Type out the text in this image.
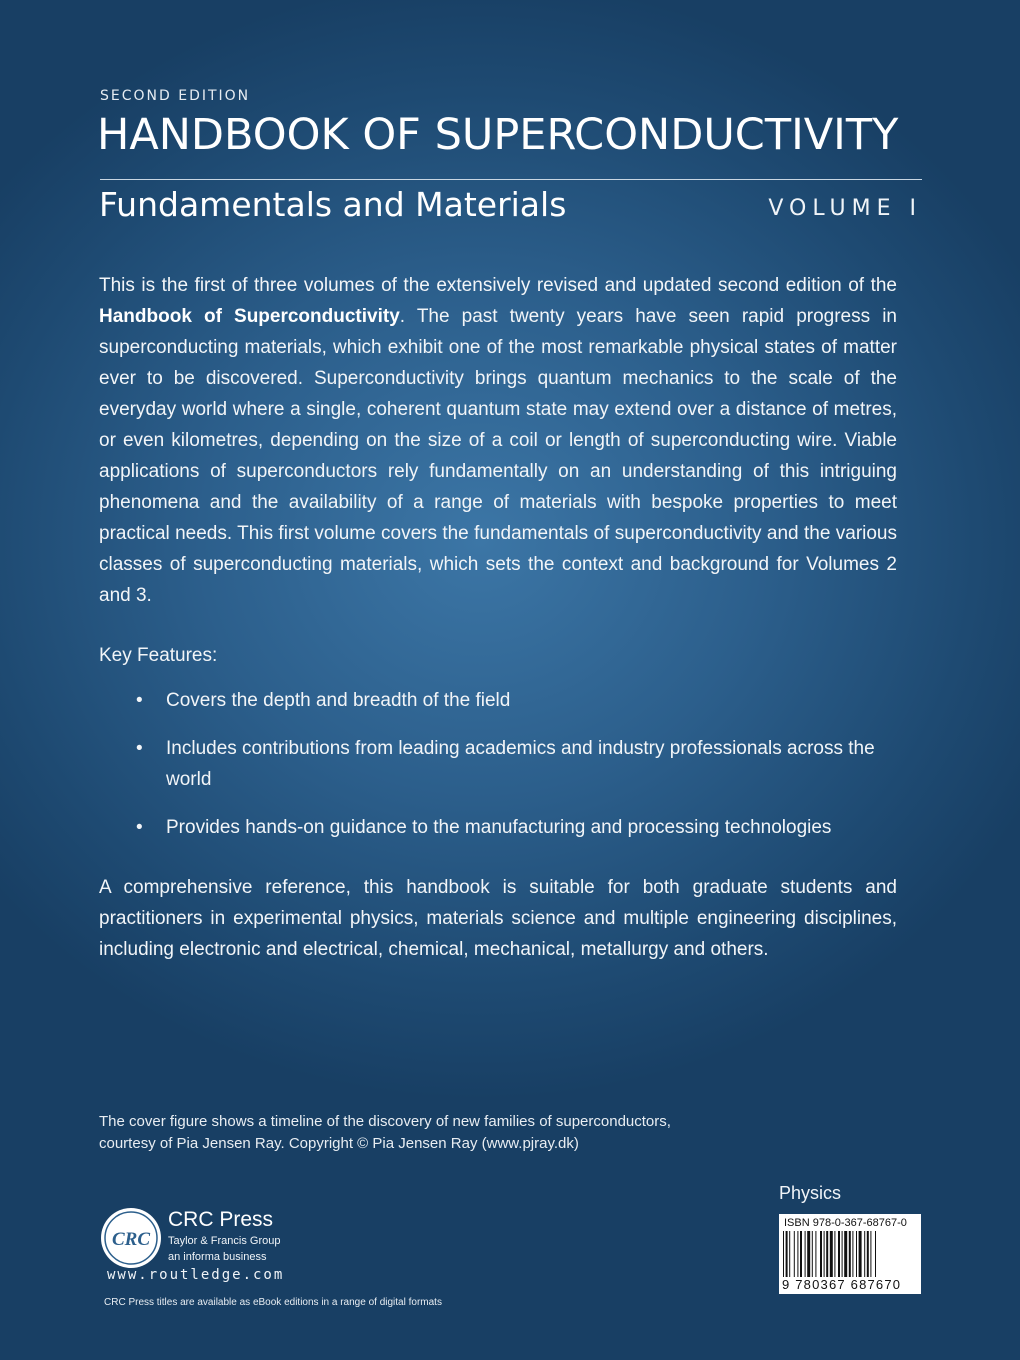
SECOND EDITION
HANDBOOK OF SUPERCONDUCTIVITY
Fundamentals and Materials	VOLUME I
This is the first of three volumes of the extensively revised and updated second edition of the Handbook of Superconductivity. The past twenty years have seen rapid progress in superconducting materials, which exhibit one of the most remarkable physical states of matter ever to be discovered. Superconductivity brings quantum mechanics to the scale of the everyday world where a single, coherent quantum state may extend over a distance of metres, or even kilometres, depending on the size of a coil or length of superconducting wire. Viable applications of superconductors rely fundamentally on an understanding of this intriguing phenomena and the availability of a range of materials with bespoke properties to meet practical needs. This first volume covers the fundamentals of superconductivity and the various classes of superconducting materials, which sets the context and background for Volumes 2 and 3.
Key Features:
• Covers the depth and breadth of the field
• Includes contributions from leading academics and industry professionals across the world
• Provides hands-on guidance to the manufacturing and processing technologies
A comprehensive reference, this handbook is suitable for both graduate students and practitioners in experimental physics, materials science and multiple engineering disciplines, including electronic and electrical, chemical, mechanical, metallurgy and others.
The cover figure shows a timeline of the discovery of new families of superconductors,
courtesy of Pia Jensen Ray. Copyright © Pia Jensen Ray (www.pjray.dk)
Physics
ISBN 978-0-367-68767-0
9 780367 687670
CRC
CRC Press
Taylor & Francis Group
an informa business
www.routledge.com
CRC Press titles are available as eBook editions in a range of digital formats
